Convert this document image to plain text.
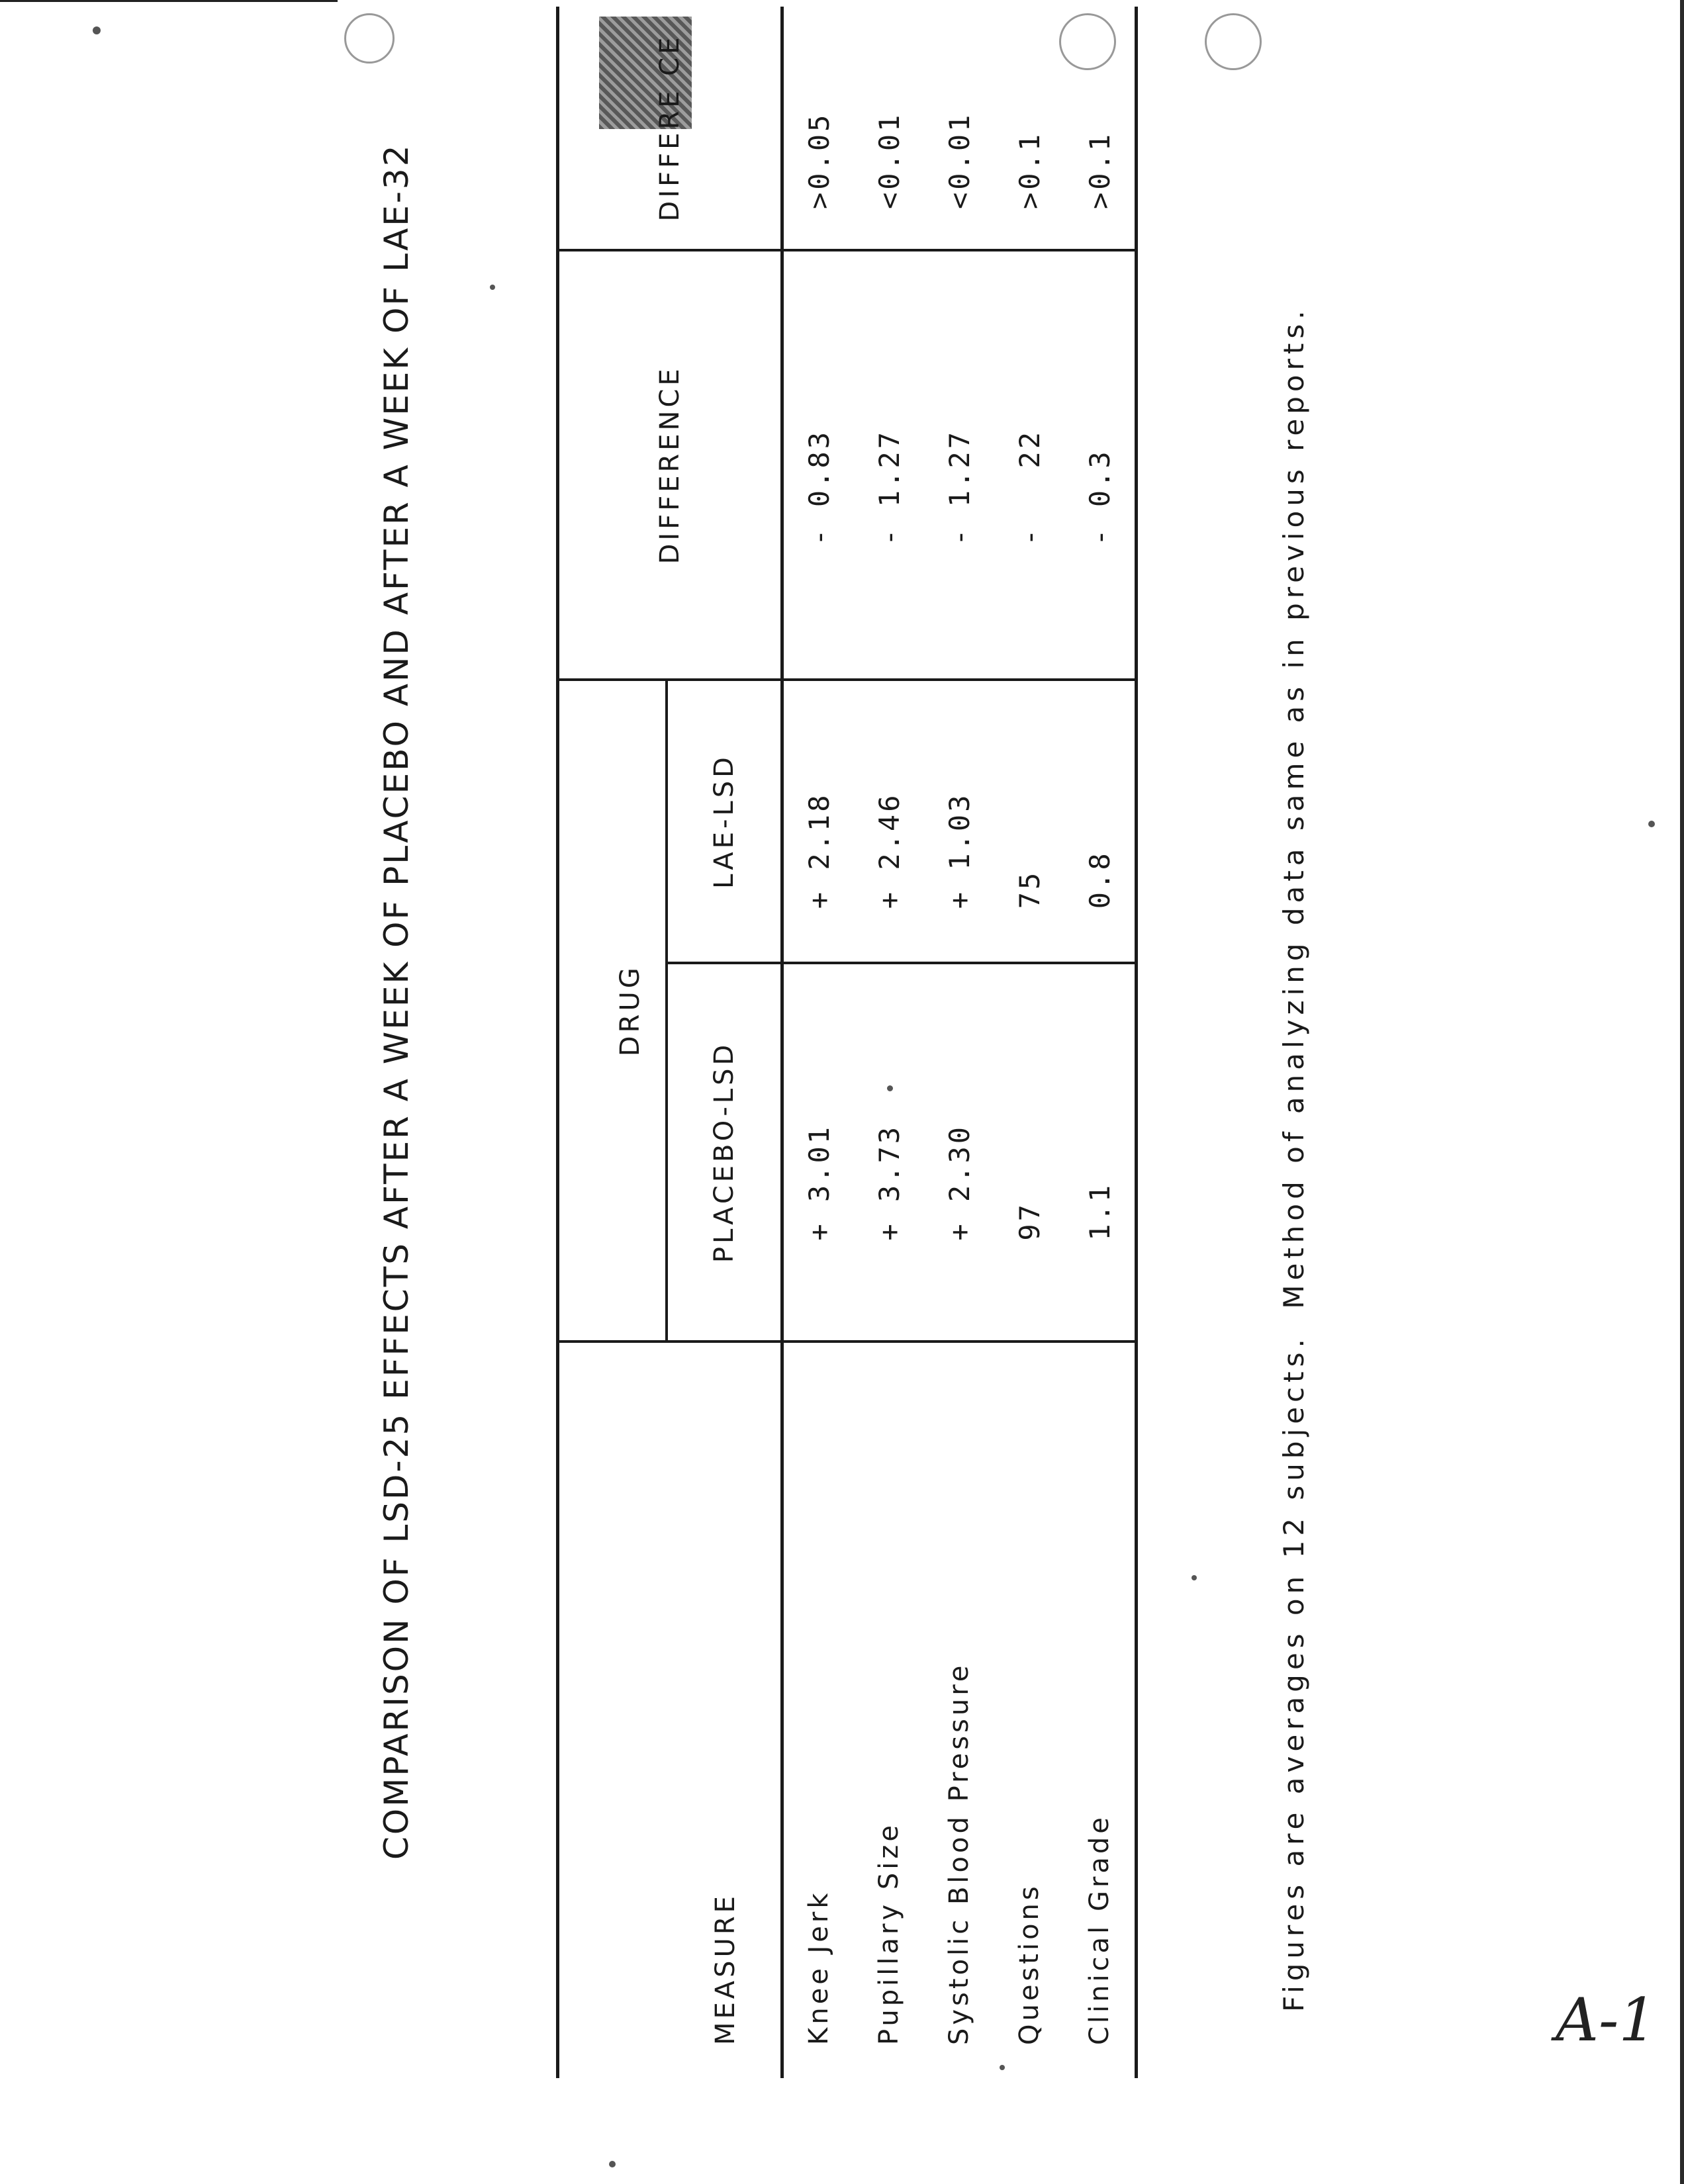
A-1
COMPARISON OF LSD-25 EFFECTS AFTER A WEEK OF PLACEBO AND AFTER A WEEK OF LAE-32
MEASURE	DRUG		DIFFERENCE	DIFFERE CE
	PLACEBO-LSD	LAE-LSD		
Knee Jerk	+ 3.01	+ 2.18	- 0.83	>0.05
Pupillary Size	+ 3.73	+ 2.46	- 1.27	<0.01
Systolic Blood Pressure	+ 2.30	+ 1.03	- 1.27	<0.01
Questions	97	75	-   22	>0.1
Clinical Grade	1.1	0.8	- 0.3	>0.1
Figures are averages on 12 subjects. Method of analyzing data same as in previous reports.
